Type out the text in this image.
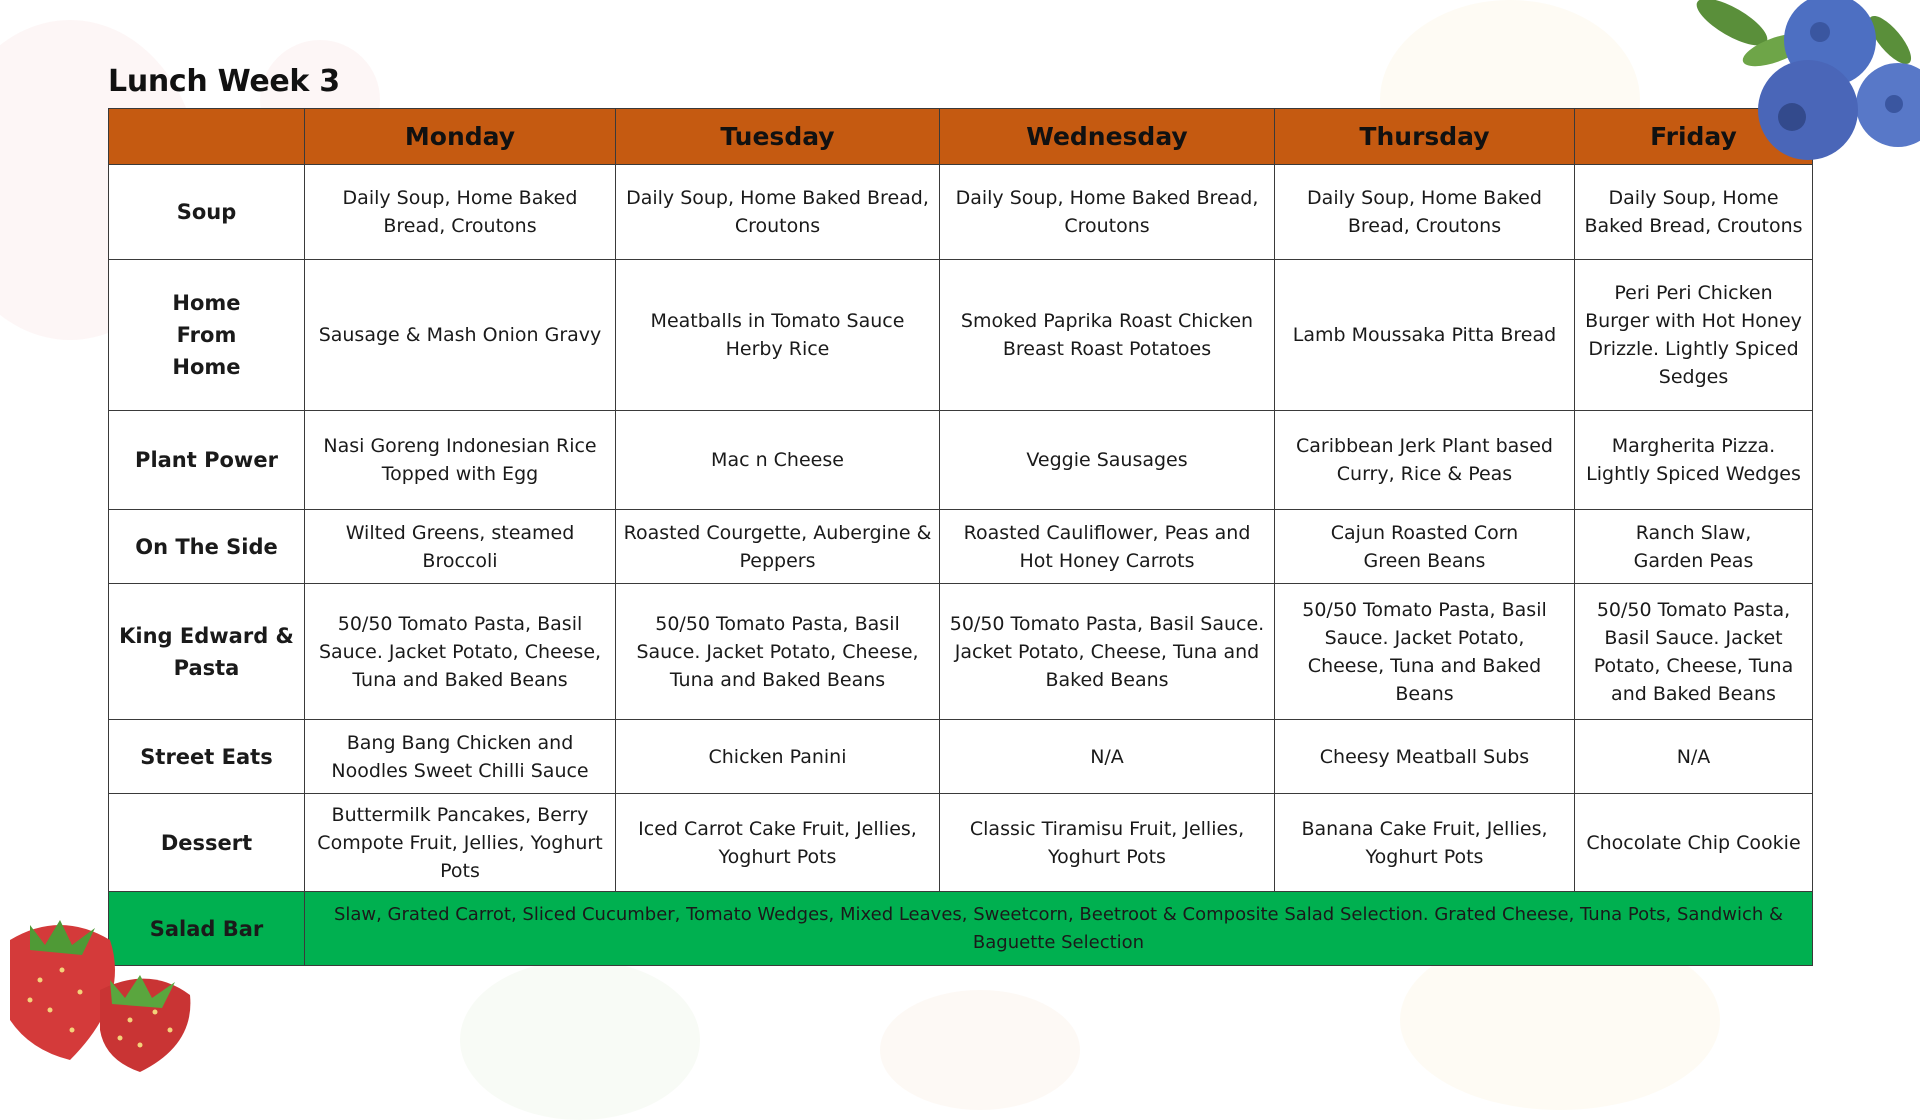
Lunch Week 3
	Monday	Tuesday	Wednesday	Thursday	Friday
Soup	Daily Soup, Home Baked Bread, Croutons	Daily Soup, Home Baked Bread, Croutons	Daily Soup, Home Baked Bread, Croutons	Daily Soup, Home Baked Bread, Croutons	Daily Soup, Home Baked Bread, Croutons
Home From Home	Sausage & Mash Onion Gravy	Meatballs in Tomato Sauce Herby Rice	Smoked Paprika Roast Chicken Breast Roast Potatoes	Lamb Moussaka Pitta Bread	Peri Peri Chicken Burger with Hot Honey Drizzle. Lightly Spiced Sedges
Plant Power	Nasi Goreng Indonesian Rice Topped with Egg	Mac n Cheese	Veggie Sausages	Caribbean Jerk Plant based Curry, Rice & Peas	Margherita Pizza. Lightly Spiced Wedges
On The Side	Wilted Greens, steamed Broccoli	Roasted Courgette, Aubergine & Peppers	Roasted Cauliflower, Peas and Hot Honey Carrots	Cajun Roasted Corn Green Beans	Ranch Slaw, Garden Peas
King Edward & Pasta	50/50 Tomato Pasta, Basil Sauce. Jacket Potato, Cheese, Tuna and Baked Beans	50/50 Tomato Pasta, Basil Sauce. Jacket Potato, Cheese, Tuna and Baked Beans	50/50 Tomato Pasta, Basil Sauce. Jacket Potato, Cheese, Tuna and Baked Beans	50/50 Tomato Pasta, Basil Sauce. Jacket Potato, Cheese, Tuna and Baked Beans	50/50 Tomato Pasta, Basil Sauce. Jacket Potato, Cheese, Tuna and Baked Beans
Street Eats	Bang Bang Chicken and Noodles Sweet Chilli Sauce	Chicken Panini	N/A	Cheesy Meatball Subs	N/A
Dessert	Buttermilk Pancakes, Berry Compote Fruit, Jellies, Yoghurt Pots	Iced Carrot Cake Fruit, Jellies, Yoghurt Pots	Classic Tiramisu Fruit, Jellies, Yoghurt Pots	Banana Cake Fruit, Jellies, Yoghurt Pots	Chocolate Chip Cookie
Salad Bar	Slaw, Grated Carrot, Sliced Cucumber, Tomato Wedges, Mixed Leaves, Sweetcorn, Beetroot & Composite Salad Selection. Grated Cheese, Tuna Pots, Sandwich & Baguette Selection				
